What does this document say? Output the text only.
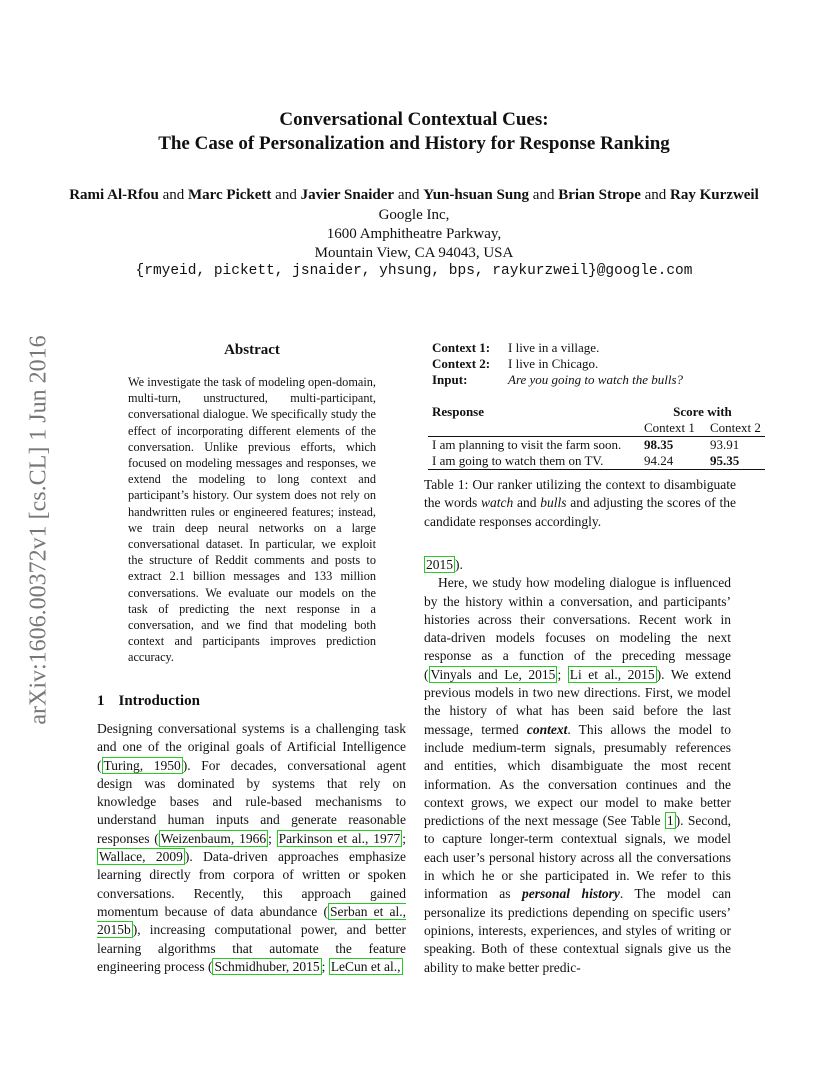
Conversational Contextual Cues:
The Case of Personalization and History for Response Ranking
Rami Al-Rfou and Marc Pickett and Javier Snaider and Yun-hsuan Sung and Brian Strope and Ray Kurzweil
Google Inc,
1600 Amphitheatre Parkway,
Mountain View, CA 94043, USA
{rmyeid, pickett, jsnaider, yhsung, bps, raykurzweil}@google.com
arXiv:1606.00372v1 [cs.CL] 1 Jun 2016	Abstract
We investigate the task of modeling open-domain, multi-turn, unstructured, multi-participant, conversational dialogue. We specifically study the effect of incorporating different elements of the conversation. Unlike previous efforts, which focused on modeling messages and responses, we extend the modeling to long context and participant’s history. Our system does not rely on handwritten rules or engineered features; instead, we train deep neural networks on a large conversational dataset. In particular, we exploit the structure of Reddit comments and posts to extract 2.1 billion messages and 133 million conversations. We evaluate our models on the task of predicting the next response in a conversation, and we find that modeling both context and participants improves prediction accuracy.
1 Introduction
Designing conversational systems is a challenging task and one of the original goals of Artificial Intelligence ( Turing, 1950 ). For decades, conversational agent design was dominated by systems that rely on knowledge bases and rule-based mechanisms to understand human inputs and generate reasonable responses ( Weizenbaum, 1966 ; Parkinson et al., 1977 ; Wallace, 2009 ). Data-driven approaches emphasize learning directly from corpora of written or spoken conversations. Recently, this approach gained momentum because of data abundance ( Serban et al., 2015b ), increasing computational power, and better learning algorithms that automate the feature engineering process ( Schmidhuber, 2015 ; LeCun et al.,
Context 1: I live in a village.
Context 2: I live in Chicago.
Input:	Are you going to watch the bulls?
Response	Score with	
	Context 1	Context 2
I am planning to visit the farm soon.	98.35	93.91
I am going to watch them on TV.	94.24	95.35
Table 1: Our ranker utilizing the context to disambiguate the words watch and bulls and adjusting the scores of the candidate responses accordingly.

2015 ).

Here, we study how modeling dialogue is influenced by the history within a conversation, and participants’ histories across their conversations. Recent work in data-driven models focuses on modeling the next response as a function of the preceding message ( Vinyals and Le, 2015 ; Li et al., 2015 ). We extend previous models in two new directions. First, we model the history of what has been said before the last message, termed context. This allows the model to include medium-term signals, presumably references and entities, which disambiguate the most recent information. As the conversation continues and the context grows, we expect our model to make better predictions of the next message (See Table 1 ). Second, to capture longer-term contextual signals, we model each user’s personal history across all the conversations in which he or she participated in. We refer to this information as personal history. The model can personalize its predictions depending on specific users’ opinions, interests, experiences, and styles of writing or speaking. Both of these contextual signals give us the ability to make better predic-
